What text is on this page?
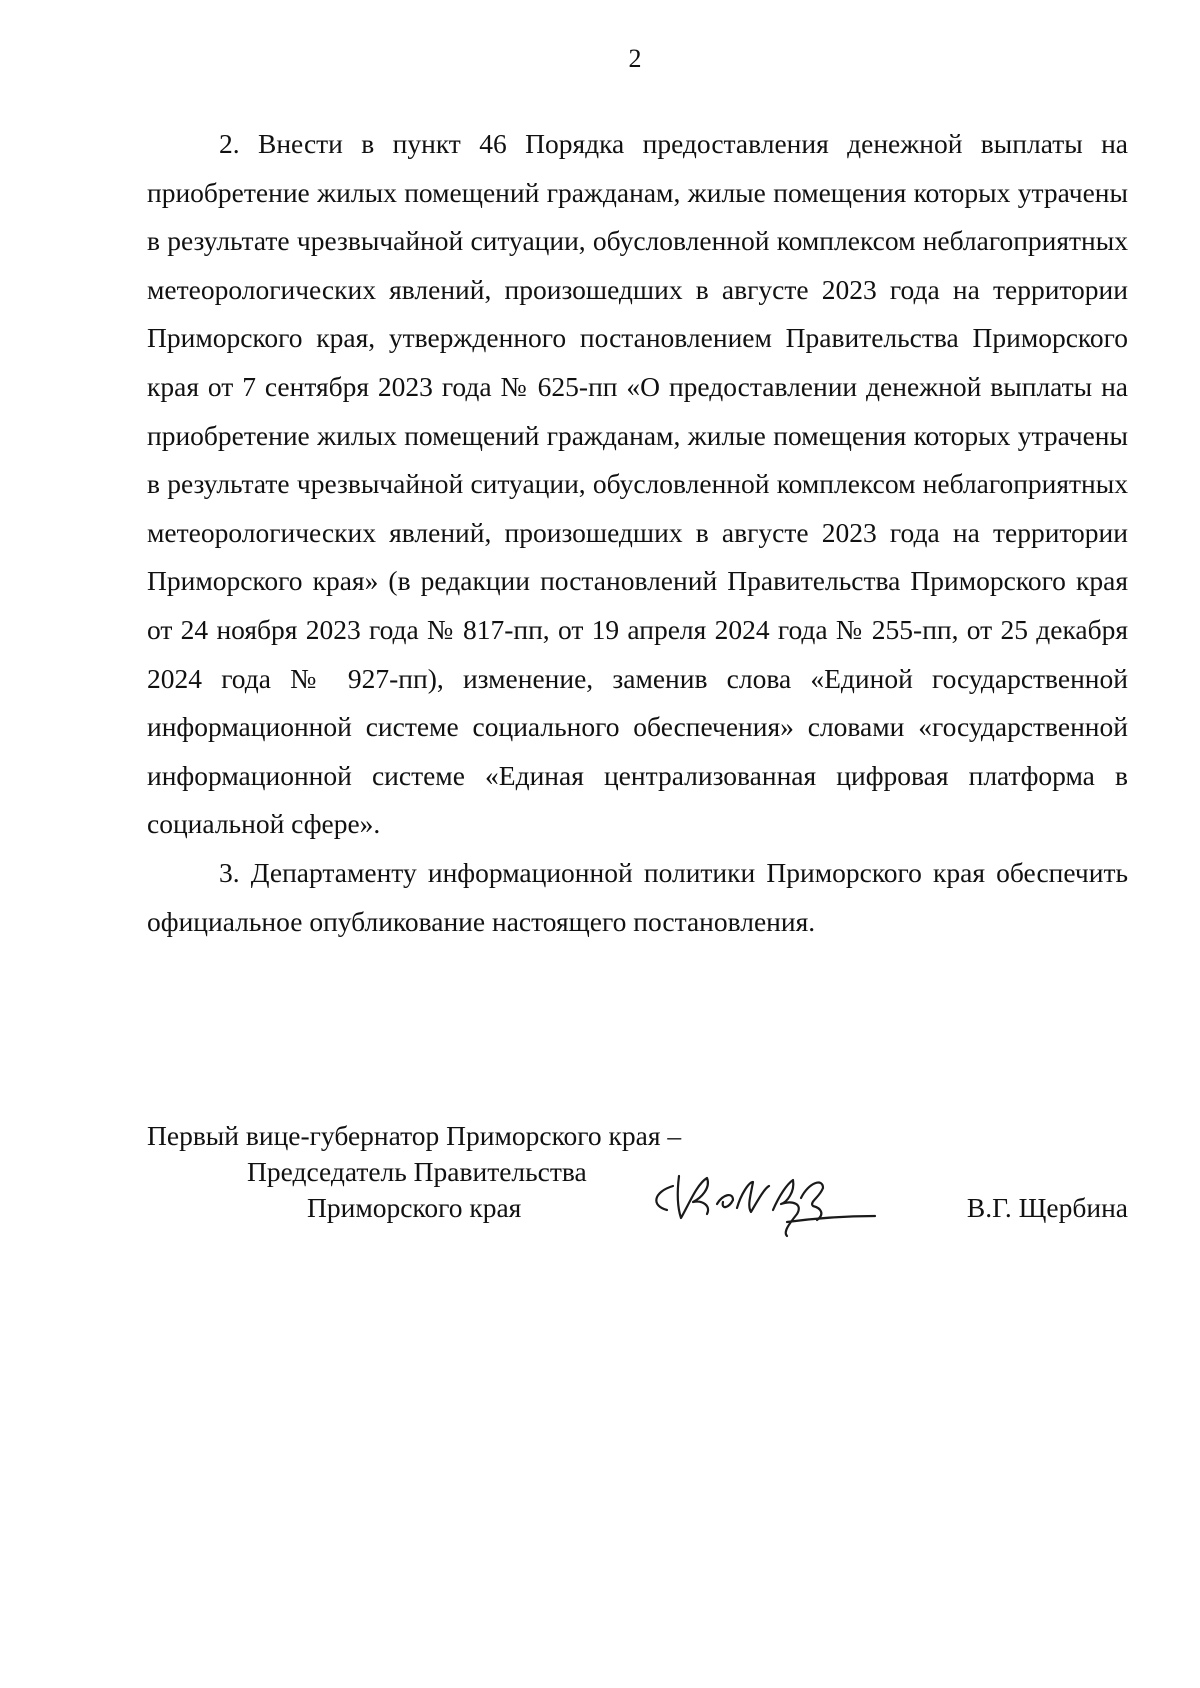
2

2. Внести в пункт 46 Порядка предоставления денежной выплаты на приобретение жилых помещений гражданам, жилые помещения которых утрачены в результате чрезвычайной ситуации, обусловленной комплексом неблагоприятных метеорологических явлений, произошедших в августе 2023 года на территории Приморского края, утвержденного постановлением Правительства Приморского края от 7 сентября 2023 года № 625-пп «О предоставлении денежной выплаты на приобретение жилых помещений гражданам, жилые помещения которых утрачены в результате чрезвычайной ситуации, обусловленной комплексом неблагоприятных метеорологических явлений, произошедших в августе 2023 года на территории Приморского края» (в редакции постановлений Правительства Приморского края от 24 ноября 2023 года № 817-пп, от 19 апреля 2024 года № 255-пп, от 25 декабря 2024 года № 927-пп), изменение, заменив слова «Единой государственной информационной системе социального обеспечения» словами «государственной информационной системе «Единая централизованная цифровая платформа в социальной сфере».

3. Департаменту информационной политики Приморского края обеспечить официальное опубликование настоящего постановления.

Первый вице-губернатор Приморского края –
Председатель Правительства
Приморского края	В.Г. Щербина
